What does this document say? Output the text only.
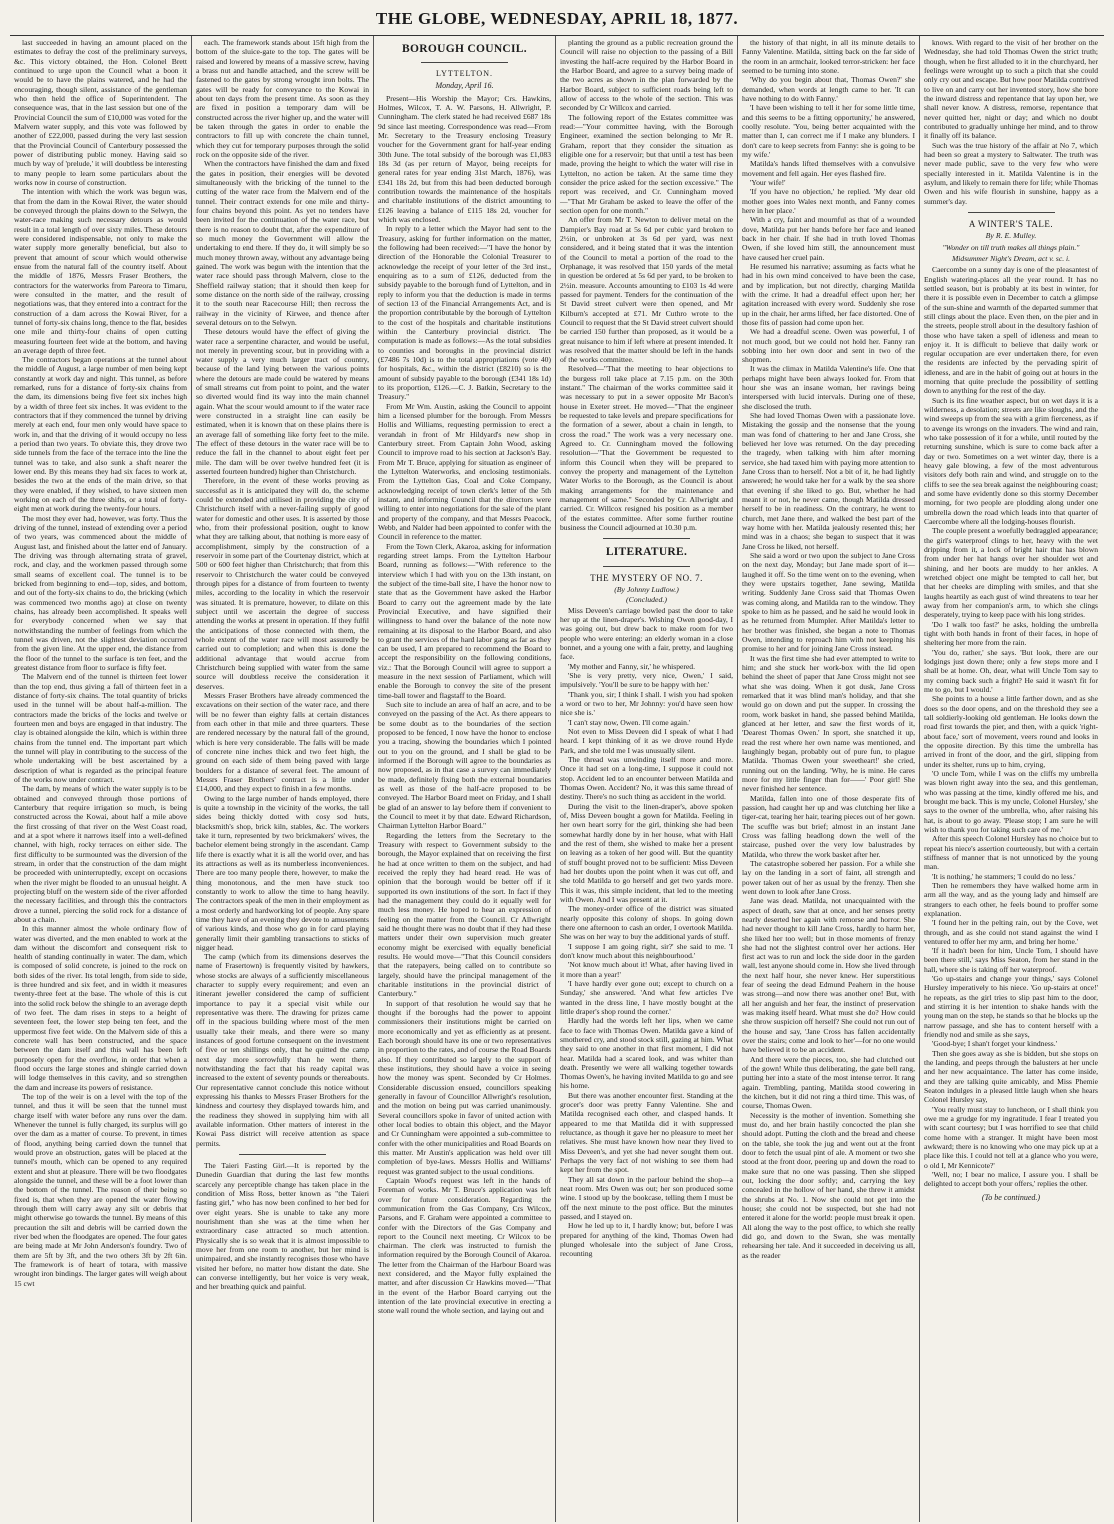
THE GLOBE, WEDNESDAY, APRIL 18, 1877.

last succeeded in having an amount placed on the estimates to defray the cost of the preliminary surveys, &c. This victory obtained, the Hon. Colonel Brett continued to urge upon the Council what a boon it would be to have the plains watered, and he had the encouraging, though silent, assistance of the gentleman who then held the office of Superintendent. The consequence was, that in the last session but one of the Provincial Council the sum of £10,000 was voted for the Malvern water supply, and this vote was followed by another of £22,000, passed during the very last session that the Provincial Council of Canterbury possessed the power of distributing public money. Having said so much by way of 'prelude,' it will doubtless be interesting to many people to learn some particulars about the works now in course of construction.

The intention with which the work was begun was, that from the dam in the Kowai River, the water should be conveyed through the plains down to the Selwyn, the water-race making such necessary detours as would result in a total length of over sixty miles. These detours were considered indispensable, not only to make the water supply more generally beneficial, but also to prevent that amount of scour which would otherwise ensue from the natural fall of the country itself. About the middle of 1876, Messrs Fraser Brothers, the contractors for the waterworks from Pareora to Timaru, were consulted in the matter, and the result of negotiations was, that they entered into a contract for the construction of a dam across the Kowai River, for a tunnel of forty-six chains long, thence to the flat, besides one mile and thirty-four chains of open cutting measuring fourteen feet wide at the bottom, and having an average depth of three feet.

The contractors began operations at the tunnel about the middle of August, a large number of men being kept constantly at work day and night. This tunnel, as before remarked, runs for a distance of forty-six chains from the dam, its dimensions being five feet six inches high by a width of three feet six inches. It was evident to the contractors that if they commenced the tunnel by driving merely at each end, four men only would have space to work in, and that the driving of it would occupy no less a period than two years. To obviate this, they drove two side tunnels from the face of the terrace into the line the tunnel was to take, and also sunk a shaft nearer the lower end. By this means they had six faces to work at, besides the two at the ends of the main drive, so that they were enabled, if they wished, to have sixteen men working on each of the three shifts, or a total of forty-eight men at work during the twenty-four hours.

The most they ever had, however, was forty. Thus the driving of the tunnel, instead of extending over a period of two years, was commenced about the middle of August last, and finished about the latter end of January. The driving was through alternating strata of gravel, rock, and clay, and the workmen passed through some small seams of excellent coal. The tunnel is to be bricked from beginning to end—top, sides, and bottom, and out of the forty-six chains to do, the bricking (which was commenced two months ago) at close on twenty chains, has already been accomplished. It speaks well for everybody concerned when we say that notwithstanding the number of feelings from which the tunnel was driven, not the slightest deviation occurred from the given line. At the upper end, the distance from the floor of the tunnel to the surface is ten feet, and the greatest distance from floor to surface is fifty feet.

The Malvern end of the tunnel is thirteen feet lower than the top end, thus giving a fall of thirteen feet in a distance of forty-six chains. The total quantity of bricks used in the tunnel will be about half-a-million. The contractors made the bricks of the locks and twelve or fourteen men and boys are engaged in that industry. The clay is obtained alongside the kiln, which is within three chains from the tunnel end. The important part which the tunnel will play in contributing to the success of the whole undertaking will be best ascertained by a description of what is regarded as the principal feature of the works now under contract.

The dam, by means of which the water supply is to be obtained and conveyed through those portions of Canterbury that require irrigation so much, is being constructed across the Kowai, about half a mile above the first crossing of that river on the West Coast road, and at a spot where it narrows itself into a well-defined channel, with high, rocky terraces on either side. The first difficulty to be surmounted was the diversion of the stream, in order that the construction of the dam might be proceeded with uninterruptedly, except on occasions when the river might be flooded to an unusual height. A projecting bluff on the western side of the river afforded the necessary facilities, and through this the contractors drove a tunnel, piercing the solid rock for a distance of about a chain.

In this manner almost the whole ordinary flow of water was diverted, and the men enabled to work at the dam without the discomfort and consequent risk to health of standing continually in water. The dam, which is composed of solid concrete, is joined to the rock on both sides of the river. Its total length, from side to side, is three hundred and six feet, and in width it measures twenty-three feet at the base. The whole of this is cut into the solid rock below the shingle to an average depth of two feet. The dam rises in steps to a height of seventeen feet, the lower step being ten feet, and the uppermost five feet wide. On the Malvern side of this a concrete wall has been constructed, and the space between the dam itself and this wall has been left purposely open for the overflow, in order that when a flood occurs the large stones and shingle carried down will lodge themselves in this cavity, and so strengthen the dam and increase its powers of resistance.

The top of the weir is on a level with the top of the tunnel, and thus it will be seen that the tunnel must charge itself with water before any runs over the dam. Whenever the tunnel is fully charged, its surplus will go over the dam as a matter of course. To prevent, in times of flood, anything being carried down the tunnel that would prove an obstruction, gates will be placed at the tunnel's mouth, which can be opened to any required extent and shut at pleasure. There will be two floodgates alongside the tunnel, and these will be a foot lower than the bottom of the tunnel. The reason of their being so fixed is, that when they are opened the water flowing through them will carry away any silt or debris that might otherwise go towards the tunnel. By means of this precaution the silt and debris will be carried down the river bed when the floodgates are opened. The four gates are being made at Mr John Anderson's foundry. Two of them are 5ft by 3ft, and the two others 3ft by 2ft 6in. The framework is of heart of totara, with massive wrought iron bindings. The larger gates will weigh about 15 cwt

each. The framework stands about 15ft high from the bottom of the sluice-gate to the top. The gates will be raised and lowered by means of a massive screw, having a brass nut and handle attached, and the screw will be fastened to the gates by strong wrought iron bolts. The gates will be ready for conveyance to the Kowai in about ten days from the present time. As soon as they are fixed in position a temporary dam will be constructed across the river higher up, and the water will be taken through the gates in order to enable the contractors to fill up with concrete the chain tunnel, which they cut for temporary purposes through the solid rock on the opposite side of the river.

When the contractors have finished the dam and fixed the gates in position, their energies will be devoted simultaneously with the bricking of the tunnel to the cutting of the water race from the Malvern end of the tunnel. Their contract extends for one mile and thirty-four chains beyond this point. As yet no tenders have been invited for the continuation of the water race, but there is no reason to doubt that, after the expenditure of so much money the Government will allow the undertaking to end there. If they do, it will simply be so much money thrown away, without any advantage being gained. The work was begun with the intention that the water race should pass through Malvern, close to the Sheffield railway station; that it should then keep for some distance on the north side of the railway, crossing it to the south near Racecourse Hill; then recross the railway in the vicinity of Kirwee, and thence after several detours on to the Selwyn.

These detours would have the effect of giving the water race a serpentine character, and would be useful, not merely in preventing scour, but in providing with a water supply a very much larger tract of country, because of the land lying between the various points where the detours are made could be watered by means of small streams cut from point to point, and the water so diverted would find its way into the main channel again. What the scour would amount to if the water race were constructed in a straight line can easily be estimated, when it is known that on these plains there is an average fall of something like forty feet to the mile. The effect of these detours in the water race will be to reduce the fall in the channel to about eight feet per mile. The dam will be over twelve hundred feet (it is asserted fourteen hundred) higher than Christchurch.

Therefore, in the event of these works proving as successful as it is anticipated they will do, the scheme could be extended and utilised in providing the city of Christchurch itself with a never-failing supply of good water for domestic and other uses. It is asserted by those who, from their professional position, ought to know what they are talking about, that nothing is more easy of accomplishment, simply by the construction of a reservoir in some part of the Courtenay district, which at 500 or 600 feet higher than Christchurch; that from this reservoir to Christchurch the water could be conveyed through pipes for a distance of from fourteen to twenty miles, according to the locality in which the reservoir was situated. It is premature, however, to dilate on this subject until we ascertain the degree of success attending the works at present in operation. If they fulfil the anticipations of those connected with them, the whole extent of the water race will most assuredly be carried out to completion; and when this is done the additional advantage that would accrue from Christchurch being supplied with water from the same source will doubtless receive the consideration it deserves.

Messrs Fraser Brothers have already commenced the excavations on their section of the water race, and there will be no fewer than eighty falls at certain distances from each other in that mile and three quarters. These are rendered necessary by the natural fall of the ground, which is here very considerable. The falls will be made of concrete nine inches thick and two feet high, the ground on each side of them being paved with large boulders for a distance of several feet. The amount of Messrs Fraser Brothers' contract is a little under £14,000, and they expect to finish in a few months.

Owing to the large number of hands employed, there is quite a township in the vicinity of the works, the tall sides being thickly dotted with cosy sod huts, blacksmith's shop, brick kiln, stables, &c. The workers take it turn, represented by two brickmakers' wives, the bachelor element being strongly in the ascendant. Camp life there is exactly what it is all the world over, and has its attractions as well as its numberless inconveniences. There are too many people there, however, to make the thing monotonous, and the men have stuck too constantly to work to allow the time to hang heavily. The contractors speak of the men in their employment as a most orderly and hardworking lot of people. Any spare time they have of an evening they devote to amusements of various kinds, and those who go in for card playing generally limit their gambling transactions to sticks of nigger head.

The camp (which from its dimensions deserves the name of Frasertown) is frequently visited by hawkers, whose stocks are always of a sufficiently miscellaneous character to supply every requirement; and even an itinerant jeweller considered the camp of sufficient importance to pay it a special visit while our representative was there. The drawing for prizes came off in the spacious building where most of the men usually take their meals, and there were so many instances of good fortune consequent on the investment of five or ten shillings only, that he quitted the camp next day more sorrowfully than he went there, notwithstanding the fact that his ready capital was increased to the extent of seventy pounds or thereabouts. Our representative cannot conclude this notice without expressing his thanks to Messrs Fraser Brothers for the kindness and courtesy they displayed towards him, and the readiness they showed in supplying him with all available information. Other matters of interest in the Kowai Pass district will receive attention as space permits.

The Taieri Fasting Girl.—It is reported by the Dunedin Guardian that during the last few months scarcely any perceptible change has taken place in the condition of Miss Ross, better known as "the Taieri fasting girl," who has now been confined to her bed for over eight years. She is unable to take any more nourishment than she was at the time when her extraordinary case attracted so much attention. Physically she is so weak that it is almost impossible to move her from one room to another, but her mind is unimpaired, and she instantly recognises those who have visited her before, no matter how distant the date. She can converse intelligently, but her voice is very weak, and her breathing quick and painful.

BOROUGH COUNCIL.
LYTTELTON.
Monday, April 16.

Present—His Worship the Mayor; Crs. Hawkins, Holmes, Wilcox, T. A. W. Parsons, H. Allwright, P. Cunningham. The clerk stated he had received £687 18s 9d since last meeting. Correspondence was read—From Mr. Secretary to the Treasury enclosing Treasury voucher for the Government grant for half-year ending 30th June. The total subsidy of the borough was £1,083 18s 3d (as per return of Mayor, being receipts for general rates for year ending 31st March, 1876), was £341 18s 2d, but from this had been deducted borough contribution towards the maintenance of the hospitals and charitable institutions of the district amounting to £126 leaving a balance of £115 18s 2d, voucher for which was enclosed.

In reply to a letter which the Mayor had sent to the Treasury, asking for further information on the matter, the following had been received:—"I have the honor by direction of the Honorable the Colonial Treasurer to acknowledge the receipt of your letter of the 3rd inst., enquiring as to a sum of £126, deducted from the subsidy payable to the borough fund of Lyttelton, and in reply to inform you that the deduction is made in terms of section 13 of the Financial Arrangements Act, and is the proportion contributable by the borough of Lyttelton to the cost of the hospitals and charitable institutions within the Canterbury provincial district. The computation is made as follows:—As the total subsidies to counties and boroughs in the provincial district (£7486 7s 10d) is to the total appropriations (vote 40) for hospitals, &c., within the district (£8210) so is the amount of subsidy payable to the borough (£341 18s 1d) to its proportion, £126.—C. J. Batkin, Secretary to the Treasury."

From Mr Wm. Austin, asking the Council to appoint him a licensed plumber for the borough. From Messrs Hollis and Williams, requesting permission to erect a verandah in front of Mr Hildyard's new shop in Canterbury street. From Captain John Wood, asking Council to improve road to his section at Jackson's Bay. From Mr T. Bruce, applying for situation as engineer of the Lyttelton Waterworks, and enclosing testimonials. From the Lyttelton Gas, Coal and Coke Company, acknowledging receipt of town clerk's letter of the 5th instant, and informing Council that the directors were willing to enter into negotiations for the sale of the plant and property of the company, and that Messrs Peacock, Webb, and Nalder had been appointed to confer with the Council in reference to the matter.

From the Town Clerk, Akaroa, asking for information regarding street lamps. From the Lyttelton Harbour Board, running as follows:—"With reference to the interview which I had with you on the 13th instant, on the subject of the time-ball site, I have the honor now to state that as the Government have asked the Harbor Board to carry out the agreement made by the late Provincial Executive, and have signified their willingness to hand over the balance of the note now remaining at its disposal to the Harbor Board, and also to grant the services of the hard labor gang as far as they can be used, I am prepared to recommend the Board to accept the responsibility on the following conditions, viz.: That the Borough Council will agree to support a measure in the next session of Parliament, which will enable the Borough to convey the site of the present time-ball tower and flagstaff to the Board.

Such site to include an area of half an acre, and to be conveyed on the passing of the Act. As there appears to be some doubt as to the boundaries of the section proposed to be fenced, I now have the honor to enclose you a tracing, showing the boundaries which I pointed out to you on the ground, and I shall be glad to be informed if the Borough will agree to the boundaries as now proposed, as in that case a survey can immediately be made, definitely fixing both the external boundaries as well as those of the half-acre proposed to be conveyed. The Harbor Board meet on Friday, and I shall be glad of an answer to lay before them if convenient to the Council to meet it by that date. Edward Richardson, Chairman Lyttelton Harbor Board."

Regarding the letters from the Secretary to the Treasury with respect to Government subsidy to the borough, the Mayor explained that on receiving the first he had at once written to them on the subject, and had received the reply they had heard read. He was of opinion that the borough would be better off if it supported its own institutions of the sort. In fact if they had the management they could do it equally well for much less money. He hoped to hear an expression of feeling on the matter from the Council. Cr Allwright said he thought there was no doubt that if they had these matters under their own supervision much greater economy might be exercised with equally beneficial results. He would move—"That this Council considers that the ratepayers, being called on to contribute so largely, should have the principal management of the charitable institutions in the provincial district of Canterbury."

In support of that resolution he would say that he thought if the boroughs had the power to appoint commissioners their institutions might be carried on more economically and yet as efficiently as at present. Each borough should have its one or two representatives in proportion to the rates, and of course the Road Boards also. If they contributed so largely to the support of these institutions, they should have a voice in seeing how the money was spent. Seconded by Cr Holmes. Considerable discussion ensued, councillors speaking generally in favour of Councillor Allwright's resolution, and the motion on being put was carried unanimously. Several councillors spoke in favor of united action with other local bodies to obtain this object, and the Mayor and Cr Cunningham were appointed a sub-committee to confer with the other municipalities and Road Boards on this matter. Mr Austin's application was held over till completion of bye-laws. Messrs Hollis and Williams' request was granted subject to the usual conditions.

Captain Wood's request was left in the hands of Foreman of works. Mr T. Bruce's application was left over for future consideration. Regarding the communication from the Gas Company, Crs Wilcox, Parsons, and F. Graham were appointed a committee to confer with the Directors of the Gas Company and report to the Council next meeting. Cr Wilcox to be chairman. The clerk was instructed to furnish the information required by the Borough Council of Akaroa. The letter from the Chairman of the Harbour Board was next considered, and the Mayor fully explained the matter, and after discussion Cr Hawkins moved—"That in the event of the Harbor Board carrying out the intention of the late provincial executive in erecting a stone wall round the whole section, and laying out and

planting the ground as a public recreation ground the Council will raise no objection to the passing of a Bill investing the half-acre required by the Harbor Board in the Harbor Board, and agree to a survey being made of the two acres as shown in the plan forwarded by the Harbor Board, subject to sufficient roads being left to allow of access to the whole of the section. This was seconded by Cr Willcox and carried.

The following report of the Estates committee was read:—"Your committee having, with the Borough Engineer, examined the section belonging to Mr R. Graham, report that they consider the situation as eligible one for a reservoir; but that until a test has been made, proving the height to which the water will rise in Lyttelton, no action be taken. At the same time they consider the price asked for the section excessive." The report was received, and Cr. Cunningham moved—"That Mr Graham be asked to leave the offer of the section open for one month."

An offer from Mr T. Newton to deliver metal on the Dampier's Bay road at 5s 6d per cubic yard broken to 2½in, or unbroken at 3s 6d per yard, was next considered, and it being stated that it was the intention of the Council to metal a portion of the road to the Orphanage, it was resolved that 150 yards of the metal in question be ordered at 5s 6d per yard, to be broken to 2½in. measure. Accounts amounting to £103 1s 4d were passed for payment. Tenders for the continuation of the St David street culvert were then opened, and Mr Kilburn's accepted at £71. Mr Cuthro wrote to the Council to request that the St David street culvert should be carried 150 further than proposed, as it would be a great nuisance to him if left where at present intended. It was resolved that the matter should be left in the hands of the works committee.

Resolved—"That the meeting to hear objections to the burgess roll take place at 7.15 p.m. on the 30th instant." The chairman of the works committee said it was necessary to put in a sewer opposite Mr Bacon's house in Exeter street. He moved—"That the engineer be requested to take levels and prepare specifications for the formation of a sewer, about a chain in length, to cross the road." The work was a very necessary one. Agreed to. Cr. Cunningham moved the following resolution—"That the Government be requested to inform this Council when they will be prepared to convey the property and management of the Lyttelton Water Works to the Borough, as the Council is about making arrangements for the maintenance and management of same." Seconded by Cr. Allwright and carried. Cr. Willcox resigned his position as a member of the estates committee. After some further routine business the Council adjourned at 10.30 p.m.

LITERATURE.
THE MYSTERY OF NO. 7.
(By Johnny Ludlow.)
(Concluded.)

Miss Deveen's carriage bowled past the door to take her up at the linen-draper's. Wishing Owen good-day, I was going out, but drew back to make room for two people who were entering: an elderly woman in a close bonnet, and a young one with a fair, pretty, and laughing face.

'My mother and Fanny, sir,' he whispered.

'She is very pretty, very nice, Owen,' I said, impulsively. 'You'll be sure to be happy with her.'

'Thank you, sir; I think I shall. I wish you had spoken a word or two to her, Mr Johnny: you'd have seen how nice she is.'

'I can't stay now, Owen. I'll come again.'

Not even to Miss Deveen did I speak of what I had heard. I kept thinking of it as we drove round Hyde Park, and she told me I was unusually silent.

The thread was unwinding itself more and more. Once it had set on a long-time, I suppose it could not stop. Accident led to an encounter between Matilda and Thomas Owen. Accident? No, it was this same thread of destiny. There's no such thing as accident in the world.

During the visit to the linen-draper's, above spoken of, Miss Deveen bought a gown for Matilda. Feeling in her own heart sorry for the girl, thinking she had been somewhat hardly done by in her house, what with Hall and the rest of them, she wished to make her a present on leaving as a token of her good will. But the quantity of stuff bought proved not to be sufficient: Miss Deveen had her doubts upon the point when it was cut off, and she told Matilda to go herself and get two yards more. This it was, this simple incident, that led to the meeting with Owen. And I was present at it.

The money-order office of the district was situated nearly opposite this colony of shops. In going down there one afternoon to cash an order, I overtook Matilda. She was on her way to buy the additional yards of stuff.

'I suppose I am going right, sir?' she said to me. 'I don't know much about this neighbourhood.'

'Not know much about it! What, after having lived in it more than a year!'

'I have hardly ever gone out; except to church on a Sunday,' she answered. 'And what few articles I've wanted in the dress line, I have mostly bought at the little draper's shop round the corner.'

Hardly had the words left her lips, when we came face to face with Thomas Owen. Matilda gave a kind of smothered cry, and stood stock still, gazing at him. What they said to one another in that first moment, I did not hear. Matilda had a scared look, and was whiter than death. Presently we were all walking together towards Thomas Owen's, he having invited Matilda to go and see his home.

But there was another encounter first. Standing at the grocer's door was pretty Fanny Valentine. She and Matilda recognised each other, and clasped hands. It appeared to me that Matilda did it with suppressed reluctance, as though it gave her no pleasure to meet her relatives. She must have known how near they lived to Miss Deveen's, and yet she had never sought them out. Perhaps the very fact of not wishing to see them had kept her from the spot.

They all sat down in the parlour behind the shop—a neat room. Mrs Owen was out; her son produced some wine. I stood up by the bookcase, telling them I must be off the next minute to the post office. But the minutes passed, and I stayed on.

How he led up to it, I hardly know; but, before I was prepared for anything of the kind, Thomas Owen had plunged wholesale into the subject of Jane Cross, recounting

the history of that night, in all its minute details to Fanny Valentine. Matilda, sitting back on the far side of the room in an armchair, looked terror-stricken: her face seemed to be turning into stone.

'Why do you begin about that, Thomas Owen?' she demanded, when words at length came to her. 'It can have nothing to do with Fanny.'

'I have been wishing to tell it her for some little time, and this seems to be a fitting opportunity,' he answered, coolly resolute. 'You, being better acquainted with the matter than I, can correct me if I make any blunders. I don't care to keep secrets from Fanny: she is going to be my wife.'

Matilda's hands lifted themselves with a convulsive movement and fell again. Her eyes flashed fire.

'Your wife!'

'If you have no objection,' he replied. 'My dear old mother goes into Wales next month, and Fanny comes here in her place.'

With a cry, faint and mournful as that of a wounded dove, Matilda put her hands before her face and leaned back in her chair. If she had in truth loved Thomas Owen, if she loved him still, the announcement must have caused her cruel pain.

He resumed his narrative; assuming as facts what he had in his own mind conceived to have been the case, and by implication, but not directly, charging Matilda with the crime. It had a dreadful effect upon her; her agitation increased with every word. Suddenly she rose up in the chair, her arms lifted, her face distorted. One of those fits of passion had come upon her.

We had a dreadful scene. Owen was powerful, I of not much good, but we could not hold her. Fanny ran sobbing into her own door and sent in two of the shopmen.

It was the climax in Matilda Valentine's life. One that perhaps might have been always looked for. From that hour she was an insane woman, her ravings being interspersed with lucid intervals. During one of these, she disclosed the truth.

She had loved Thomas Owen with a passionate love. Mistaking the gossip and the nonsense that the young man was fond of chattering to her and Jane Cross, she believed her love was returned. On the day preceding the tragedy, when talking with him after morning service, she had taxed him with paying more attention to Jane Cross than to herself. Not a bit of it, he had lightly answered; he would take her for a walk by the sea shore that evening if she liked to go. But, whether he had meant it or not, he never came, though Matilda dressed herself to be in readiness. On the contrary, he went to church, met Jane there, and walked the best part of the way home with her. Matilda jealously resented this; her mind was in a chaos; she began to suspect that it was Jane Cross he liked, not herself.

She said a word or two upon the subject to Jane Cross on the next day, Monday; but Jane made sport of it—laughed it off. So the time went on to the evening, when they were upstairs together, Jane sewing, Matilda writing. Suddenly Jane Cross said that Thomas Owen was coming along, and Matilda ran to the window. They spoke to him as he passed, and he said he would look in as he returned from Mumpler. After Matilda's letter to her brother was finished, she began a note to Thomas Owen, intending to reproach him with not keeping his promise to her and for joining Jane Cross instead.

It was the first time she had ever attempted to write to him; and she stuck her work-box with the lid open behind the sheet of paper that Jane Cross might not see what she was doing. When it got dusk, Jane Cross remarked that it was blind man's holiday, and that she would go on down and put the supper. In crossing the room, work basket in hand, she passed behind Matilda, glanced at her letter, and saw the first words of it, 'Dearest Thomas Owen.' In sport, she snatched it up, read the rest where her own name was mentioned, and laughingly began, probably out of pure fun, to plague Matilda. 'Thomas Owen your sweetheart!' she cried, running out on the landing. 'Why, he is mine. He cares more for my little finger than for——' Poor girl! She never finished her sentence.

Matilda, fallen into one of those desperate fits of passion, had caught her up and was clutching her like a tiger-cat, tearing her hair, tearing pieces out of her gown. The scuffle was but brief; almost in an instant Jane Cross was falling headlong down the well of the staircase, pushed over the very low balustrades by Matilda, who threw the work basket after her.

The catastrophe sobered her passion. For a while she lay on the landing in a sort of faint, all strength and power taken out of her as usual by the frenzy. Then she went down to look after Jane Cross.

Jane was dead. Matilda, not unacquainted with the aspect of death, saw that at once, and her senses pretty nearly deserted her again with remorse and horror. She had never thought to kill Jane Cross, hardly to harm her, she liked her too well; but in those moments of frenzy she had not the slightest control over her actions. Her first act was to run and lock the side door in the garden wall, lest anyone should come in. How she lived through the next half hour, she never knew. Her superstitious fear of seeing the dead Edmund Peahern in the house was strong—and now there was another one! But, with all her anguish and her fear, the instinct of preservation was making itself heard. What must she do? How could she throw suspicion off herself? She could not run out of the house and say, 'Jane Cross has fallen accidentally over the stairs; come and look to her'—for no one would have believed it to be an accident.

And there were the pieces, too, she had clutched out of the gown! While thus deliberating, the gate bell rang, putting her into a state of the most intense terror. It rang again. Trembling, panting, Matilda stood cowering in the kitchen, but it did not ring a third time. This was, of course, Thomas Owen.

Necessity is the mother of invention. Something she must do, and her brain hastily concocted the plan she should adopt. Putting the cloth and the bread and cheese on the table, she took the jug and went out at the front door to fetch the usual pint of ale. A moment or two she stood at the front door, peering up and down the road to make sure that no one was passing. Then she slipped out, locking the door softly; and, carrying the key concealed in the hollow of her hand, she threw it amidst the shrubs at No. 1. Now she could not get into the house; she could not be suspected, but she had not entered it alone for the world: people must break it open. All along the way to the post office, to which she really did go, and down to the Swan, she was mentally rehearsing her tale. And it succeeded in deceiving us all, as the reader

knows. With regard to the visit of her brother on the Wednesday, she had told Thomas Owen the strict truth; though, when he first alluded to it in the churchyard, her feelings were wrought up to such a pitch that she could only cry out and escape. But how poor Matilda contrived to live on and carry out her invented story, how she bore the inward distress and repentance that lay upon her, we shall never know. A distress, remorse, repentance that never quitted her, night or day; and which no doubt contributed to gradually unhinge her mind, and to throw it finally off its balance.

Such was the true history of the affair at No 7, which had been so great a mystery to Saltwater. The truth was never made public, save to the very few who were specially interested in it. Matilda Valentine is in the asylum, and likely to remain there for life; while Thomas Owen and his wife flourish in sunshine, happy as a summer's day.

A WINTER'S TALE.
By R. E. Mulley.
"Wonder on till truth makes all things plain."
Midsummer Night's Dream, act v. sc. i.

Caercombe on a sunny day is one of the pleasantest of English watering-places all the year round. It has no settled season, but is probably at its best in winter, for there it is possible even in December to catch a glimpse of the sun-shine and warmth of the departed summer that still clings about the place. Even then, on the pier and in the streets, people stroll about in the desultory fashion of those who have taken a spell of idleness and mean to enjoy it. It is difficult to believe that daily work or regular occupation are ever undertaken there, for even the residents are infected by the pervading spirit of idleness, and are in the habit of going out at hours in the morning that quite preclude the possibility of settling down to anything for the rest of the day.

Such is its fine weather aspect, but on wet days it is a wilderness, a desolation; streets are like sloughs, and the wind sweeps up from the sea with a grim fierceness, as if to avenge its wrongs on the invaders. The wind and rain, who take possession of it for a while, until routed by the returning sunshine, which is sure to come back after a day or two. Sometimes on a wet winter day, there is a heavy gale blowing, a few of the most adventurous visitors defy both rain and wind, and struggle on to the cliffs to see the sea break against the neighbouring coast; and some have evidently done so this stormy December morning, for two people are plodding along under one umbrella down the road which leads into that quarter of Caercombe where all the lodging-houses flourish.

The couple present a woefully bedraggled appearance; the girl's waterproof clings to her, heavy with the wet dripping from it, a lock of bright hair that has blown from under her hat hangs over her shoulder wet and shining, and her boots are muddy to her ankles. A wretched object one might be tempted to call her, but that her cheeks are dimpling with smiles, and that she laughs heartily as each gust of wind threatens to tear her away from her companion's arm, to which she clings desperately, trying to keep pace with his long strides.

'Do I walk too fast?' he asks, holding the umbrella tight with both hands in front of their faces, in hope of sheltering her more from the rain.

'You do, rather,' she says. 'But look, there are our lodgings just down there; only a few steps more and I shall be at home. Oh, dear, what will Uncle Tom say to my coming back such a fright? He said it wasn't fit for me to go, but I would.'

She points to a house a little farther down, and as she does so the door opens, and on the threshold they see a tall soldierly-looking old gentleman. He looks down the road first towards the pier, and then, with a quick 'right-about face,' sort of movement, veers round and looks in the opposite direction. By this time the umbrella has arrived in front of the door, and the girl, slipping from under its shelter, runs up to him, crying,

'O uncle Tom, while I was on the cliffs my umbrella was blown right away into the sea, and this gentleman, who was passing at the time, kindly offered me his, and brought me back. This is my uncle, Colonel Hursley,' she says to the owner of the umbrella, who, after raising his hat, is about to go away. 'Please stop; I am sure he will wish to thank you for taking such care of me.'

After this speech Colonel Hursley has no choice but to repeat his niece's assertion courteously, but with a certain stiffness of manner that is not unnoticed by the young man.

'It is nothing,' he stammers; 'I could do no less.'

Then he remembers they have walked home arm in arm all the way, and as the young lady and himself are strangers to each other, he feels bound to proffer some explanation.

'I found her in the pelting rain, out by the Cove, wet through, and as she could not stand against the wind I ventured to offer her my arm, and bring her home.'

'If it hadn't been for him, Uncle Tom, I should have been there still,' says Miss Seaton, from her stand in the hall, where she is taking off her waterproof.

'Go up-stairs and change your things,' says Colonel Hursley imperatively to his niece. 'Go up-stairs at once!' he repeats, as the girl tries to slip past him to the door, and stirring it is her intention to shake hands with the young man on the step, he stands so that he blocks up the narrow passage, and she has to content herself with a friendly nod and smile as she says,

'Good-bye; I shan't forget your kindness.'

Then she goes away as she is bidden, but she stops on the landing, and peeps through the balusters at her uncle and her new acquaintance. The latter has come inside, and they are talking quite amicably, and Miss Phemie Seaton indulges in a pleased little laugh when she hears Colonel Hursley say,

'You really must stay to luncheon, or I shall think you owe me a grudge for my ingratitude. I fear I treated you with scant courtesy; but I was horrified to see that child come home with a stranger. It might have been most awkward; there is no knowing who one may pick up at a place like this. I could not tell at a glance who you were, o old I, Mr Kennicote?'

'Well, no; I bear no malice, I assure you. I shall be delighted to accept both your offers,' replies the other.

(To be continued.)
